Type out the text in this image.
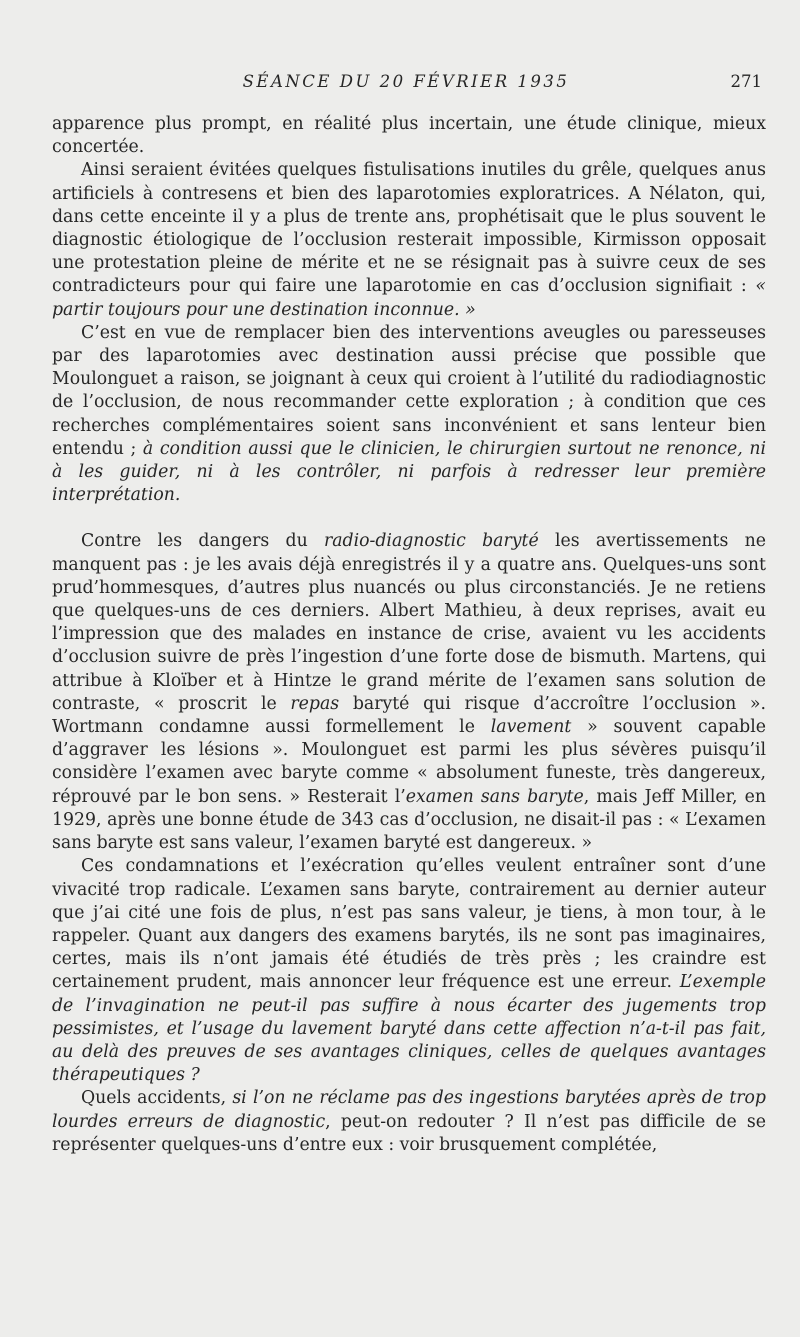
SÉANCE DU 20 FÉVRIER 1935	271

apparence plus prompt, en réalité plus incertain, une étude clinique, mieux concertée.

Ainsi seraient évitées quelques fistulisations inutiles du grêle, quelques anus artificiels à contresens et bien des laparotomies exploratrices. A Nélaton, qui, dans cette enceinte il y a plus de trente ans, prophétisait que le plus souvent le diagnostic étiologique de l’occlusion resterait impossible, Kirmisson opposait une protestation pleine de mérite et ne se résignait pas à suivre ceux de ses contradicteurs pour qui faire une laparotomie en cas d’occlusion signifiait : « partir toujours pour une destination inconnue. »

C’est en vue de remplacer bien des interventions aveugles ou paresseuses par des laparotomies avec destination aussi précise que possible que Moulonguet a raison, se joignant à ceux qui croient à l’utilité du radiodiagnostic de l’occlusion, de nous recommander cette exploration ; à condition que ces recherches complémentaires soient sans inconvénient et sans lenteur bien entendu ; à condition aussi que le clinicien, le chirurgien surtout ne renonce, ni à les guider, ni à les contrôler, ni parfois à redresser leur première interprétation.

Contre les dangers du radio-diagnostic baryté les avertissements ne manquent pas : je les avais déjà enregistrés il y a quatre ans. Quelques-uns sont prud’hommesques, d’autres plus nuancés ou plus circonstanciés. Je ne retiens que quelques-uns de ces derniers. Albert Mathieu, à deux reprises, avait eu l’impression que des malades en instance de crise, avaient vu les accidents d’occlusion suivre de près l’ingestion d’une forte dose de bismuth. Martens, qui attribue à Kloïber et à Hintze le grand mérite de l’examen sans solution de contraste, « proscrit le repas baryté qui risque d’accroître l’occlusion ». Wortmann condamne aussi formellement le lavement » souvent capable d’aggraver les lésions ». Moulonguet est parmi les plus sévères puisqu’il considère l’examen avec baryte comme « absolument funeste, très dangereux, réprouvé par le bon sens. » Resterait l’examen sans baryte, mais Jeff Miller, en 1929, après une bonne étude de 343 cas d’occlusion, ne disait-il pas : « L’examen sans baryte est sans valeur, l’examen baryté est dangereux. »

Ces condamnations et l’exécration qu’elles veulent entraîner sont d’une vivacité trop radicale. L’examen sans baryte, contrairement au dernier auteur que j’ai cité une fois de plus, n’est pas sans valeur, je tiens, à mon tour, à le rappeler. Quant aux dangers des examens barytés, ils ne sont pas imaginaires, certes, mais ils n’ont jamais été étudiés de très près ; les craindre est certainement prudent, mais annoncer leur fréquence est une erreur. L’exemple de l’invagination ne peut-il pas suffire à nous écarter des jugements trop pessimistes, et l’usage du lavement baryté dans cette affection n’a-t-il pas fait, au delà des preuves de ses avantages cliniques, celles de quelques avantages thérapeutiques ?

Quels accidents, si l’on ne réclame pas des ingestions barytées après de trop lourdes erreurs de diagnostic, peut-on redouter ? Il n’est pas difficile de se représenter quelques-uns d’entre eux : voir brusquement complétée,
